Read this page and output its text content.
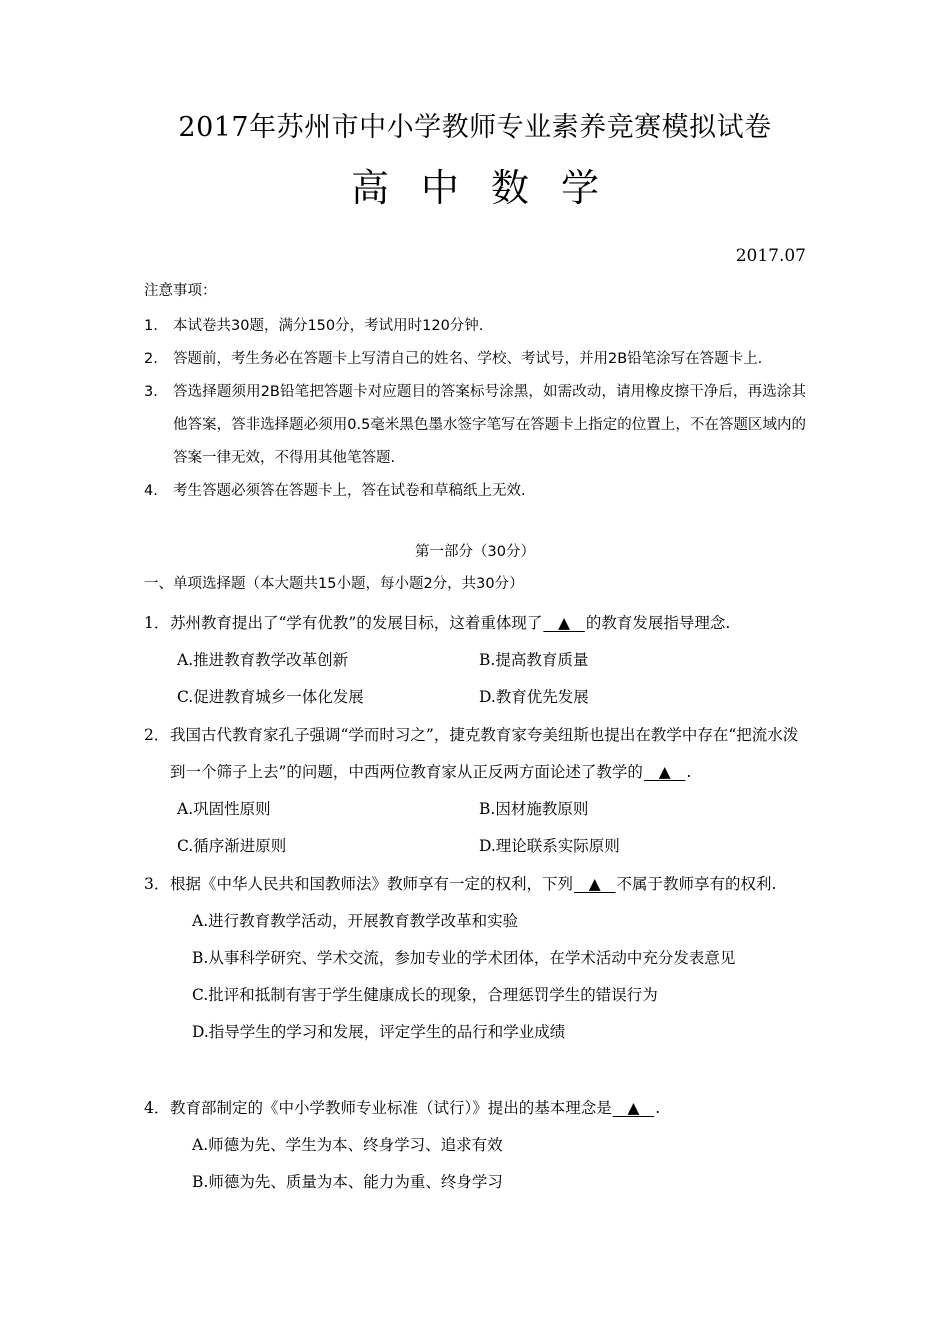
2017年苏州市中小学教师专业素养竞赛模拟试卷
高中数学
2017.07
注意事项：
1. 本试卷共30题，满分150分，考试用时120分钟.
2. 答题前，考生务必在答题卡上写清自己的姓名、学校、考试号，并用2B铅笔涂写在答题卡上.
3. 答选择题须用2B铅笔把答题卡对应题目的答案标号涂黑，如需改动，请用橡皮擦干净后，再选涂其他答案，答非选择题必须用0.5毫米黑色墨水签字笔写在答题卡上指定的位置上，不在答题区域内的答案一律无效，不得用其他笔答题.
4. 考生答题必须答在答题卡上，答在试卷和草稿纸上无效.
第一部分（30分）
一、单项选择题（本大题共15小题，每小题2分，共30分）
1． 苏州教育提出了“学有优教”的发展目标，这着重体现了   ▲   的教育发展指导理念.
A.推进教育教学改革创新	B.提高教育质量
C.促进教育城乡一体化发展	D.教育优先发展
2． 我国古代教育家孔子强调“学而时习之”，捷克教育家夸美纽斯也提出在教学中存在“把流水泼到一个筛子上去”的问题，中西两位教育家从正反两方面论述了教学的   ▲   .
A.巩固性原则	B.因材施教原则
C.循序渐进原则	D.理论联系实际原则
3． 根据《中华人民共和国教师法》教师享有一定的权利，下列   ▲   不属于教师享有的权利.
A.进行教育教学活动，开展教育教学改革和实验
B.从事科学研究、学术交流，参加专业的学术团体，在学术活动中充分发表意见
C.批评和抵制有害于学生健康成长的现象，合理惩罚学生的错误行为
D.指导学生的学习和发展，评定学生的品行和学业成绩
4． 教育部制定的《中小学教师专业标准（试行）》提出的基本理念是   ▲   .
A.师德为先、学生为本、终身学习、追求有效
B.师德为先、质量为本、能力为重、终身学习
